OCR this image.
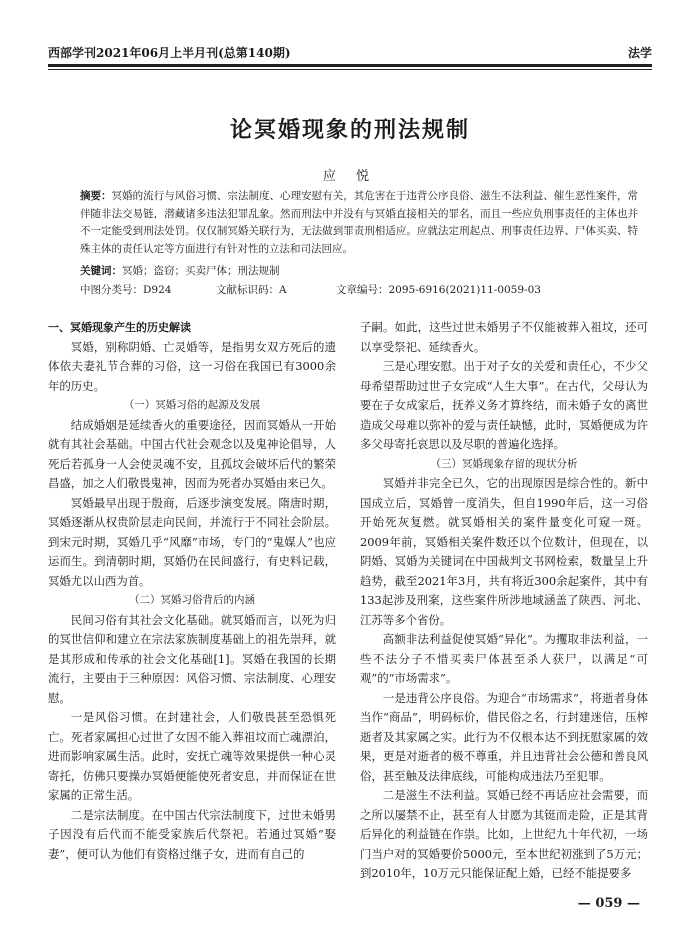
西部学刊2021年06月上半月刊(总第140期)	法学
论冥婚现象的刑法规制
应 悦
摘要：冥婚的流行与风俗习惯、宗法制度、心理安慰有关，其危害在于违背公序良俗、滋生不法利益、催生恶性案件，常伴随非法交易链，潜藏诸多违法犯罪乱象。然而刑法中并没有与冥婚直接相关的罪名，而且一些应负刑事责任的主体也并不一定能受到刑法处罚。仅仅制冥婚关联行为，无法做到罪责刑相适应。应就法定刑起点、刑事责任边界、尸体买卖、特殊主体的责任认定等方面进行有针对性的立法和司法回应。
关键词：冥婚；盗窃；买卖尸体；刑法规制
中图分类号：D924	文献标识码：A	文章编号：2095-6916(2021)11-0059-03

一、冥婚现象产生的历史解读

冥婚，别称阴婚、亡灵婚等，是指男女双方死后的遗体依夫妻礼节合葬的习俗，这一习俗在我国已有3000余年的历史。

（一）冥婚习俗的起源及发展

结成婚姻是延续香火的重要途径，因而冥婚从一开始就有其社会基础。中国古代社会观念以及鬼神论倡导，人死后若孤身一人会使灵魂不安，且孤坟会破坏后代的繁荣昌盛，加之人们敬畏鬼神，因而为死者办冥婚由来已久。

冥婚最早出现于殷商，后逐步演变发展。隋唐时期，冥婚逐渐从权贵阶层走向民间，并流行于不同社会阶层。到宋元时期，冥婚几乎“风靡”市场，专门的“鬼媒人”也应运而生。到清朝时期，冥婚仍在民间盛行，有史料记载，冥婚尤以山西为首。

（二）冥婚习俗背后的内涵

民间习俗有其社会文化基础。就冥婚而言，以死为归的冥世信仰和建立在宗法家族制度基础上的祖先崇拜，就是其形成和传承的社会文化基础[1]。冥婚在我国的长期流行，主要由于三种原因：风俗习惯、宗法制度、心理安慰。

一是风俗习惯。在封建社会，人们敬畏甚至恐惧死亡。死者家属担心过世了女因不能入葬祖坟而亡魂漂泊，进而影响家属生活。此时，安抚亡魂等效果提供一种心灵寄托，仿佛只要操办冥婚便能使死者安息，并而保证在世家属的正常生活。

二是宗法制度。在中国古代宗法制度下，过世未婚男子因没有后代而不能受家族后代祭祀。若通过冥婚“娶妻”，便可认为他们有资格过继子女，进而有自己的

子嗣。如此，这些过世未婚男子不仅能被葬入祖坟，还可以享受祭祀、延续香火。

三是心理安慰。出于对子女的关爱和责任心，不少父母希望帮助过世子女完成“人生大事”。在古代，父母认为要在子女成家后，抚养义务才算终结，而未婚子女的离世造成父母难以弥补的爱与责任缺憾，此时，冥婚便成为许多父母寄托哀思以及尽职的普遍化选择。

（三）冥婚现象存留的现状分析

冥婚并非完全已久，它的出现原因是综合性的。新中国成立后，冥婚曾一度消失，但自1990年后，这一习俗开始死灰复燃。就冥婚相关的案件量变化可窥一斑。2009年前，冥婚相关案件数还以个位数计，但现在，以阴婚、冥婚为关键词在中国裁判文书网检索，数量呈上升趋势，截至2021年3月，共有将近300余起案件，其中有133起涉及刑案，这些案件所涉地域涵盖了陕西、河北、江苏等多个省份。

高额非法利益促使冥婚“异化”。为攫取非法利益，一些不法分子不惜买卖尸体甚至杀人获尸，以满足“可观”的“市场需求”。

一是违背公序良俗。为迎合“市场需求”，将逝者身体当作“商品”，明码标价，借民俗之名，行封建迷信，压榨逝者及其家属之实。此行为不仅根本达不到抚慰家属的效果，更是对逝者的极不尊重，并且违背社会公德和善良风俗，甚至触及法律底线，可能构成违法乃至犯罪。

二是滋生不法利益。冥婚已经不再话应社会需要，而之所以屡禁不止，甚至有人甘愿为其铤而走险，正是其背后异化的利益链在作祟。比如，上世纪九十年代初，一场门当户对的冥婚要价5000元，至本世纪初涨到了5万元；到2010年，10万元只能保证配上婚，已经不能提要多

— 059 —
